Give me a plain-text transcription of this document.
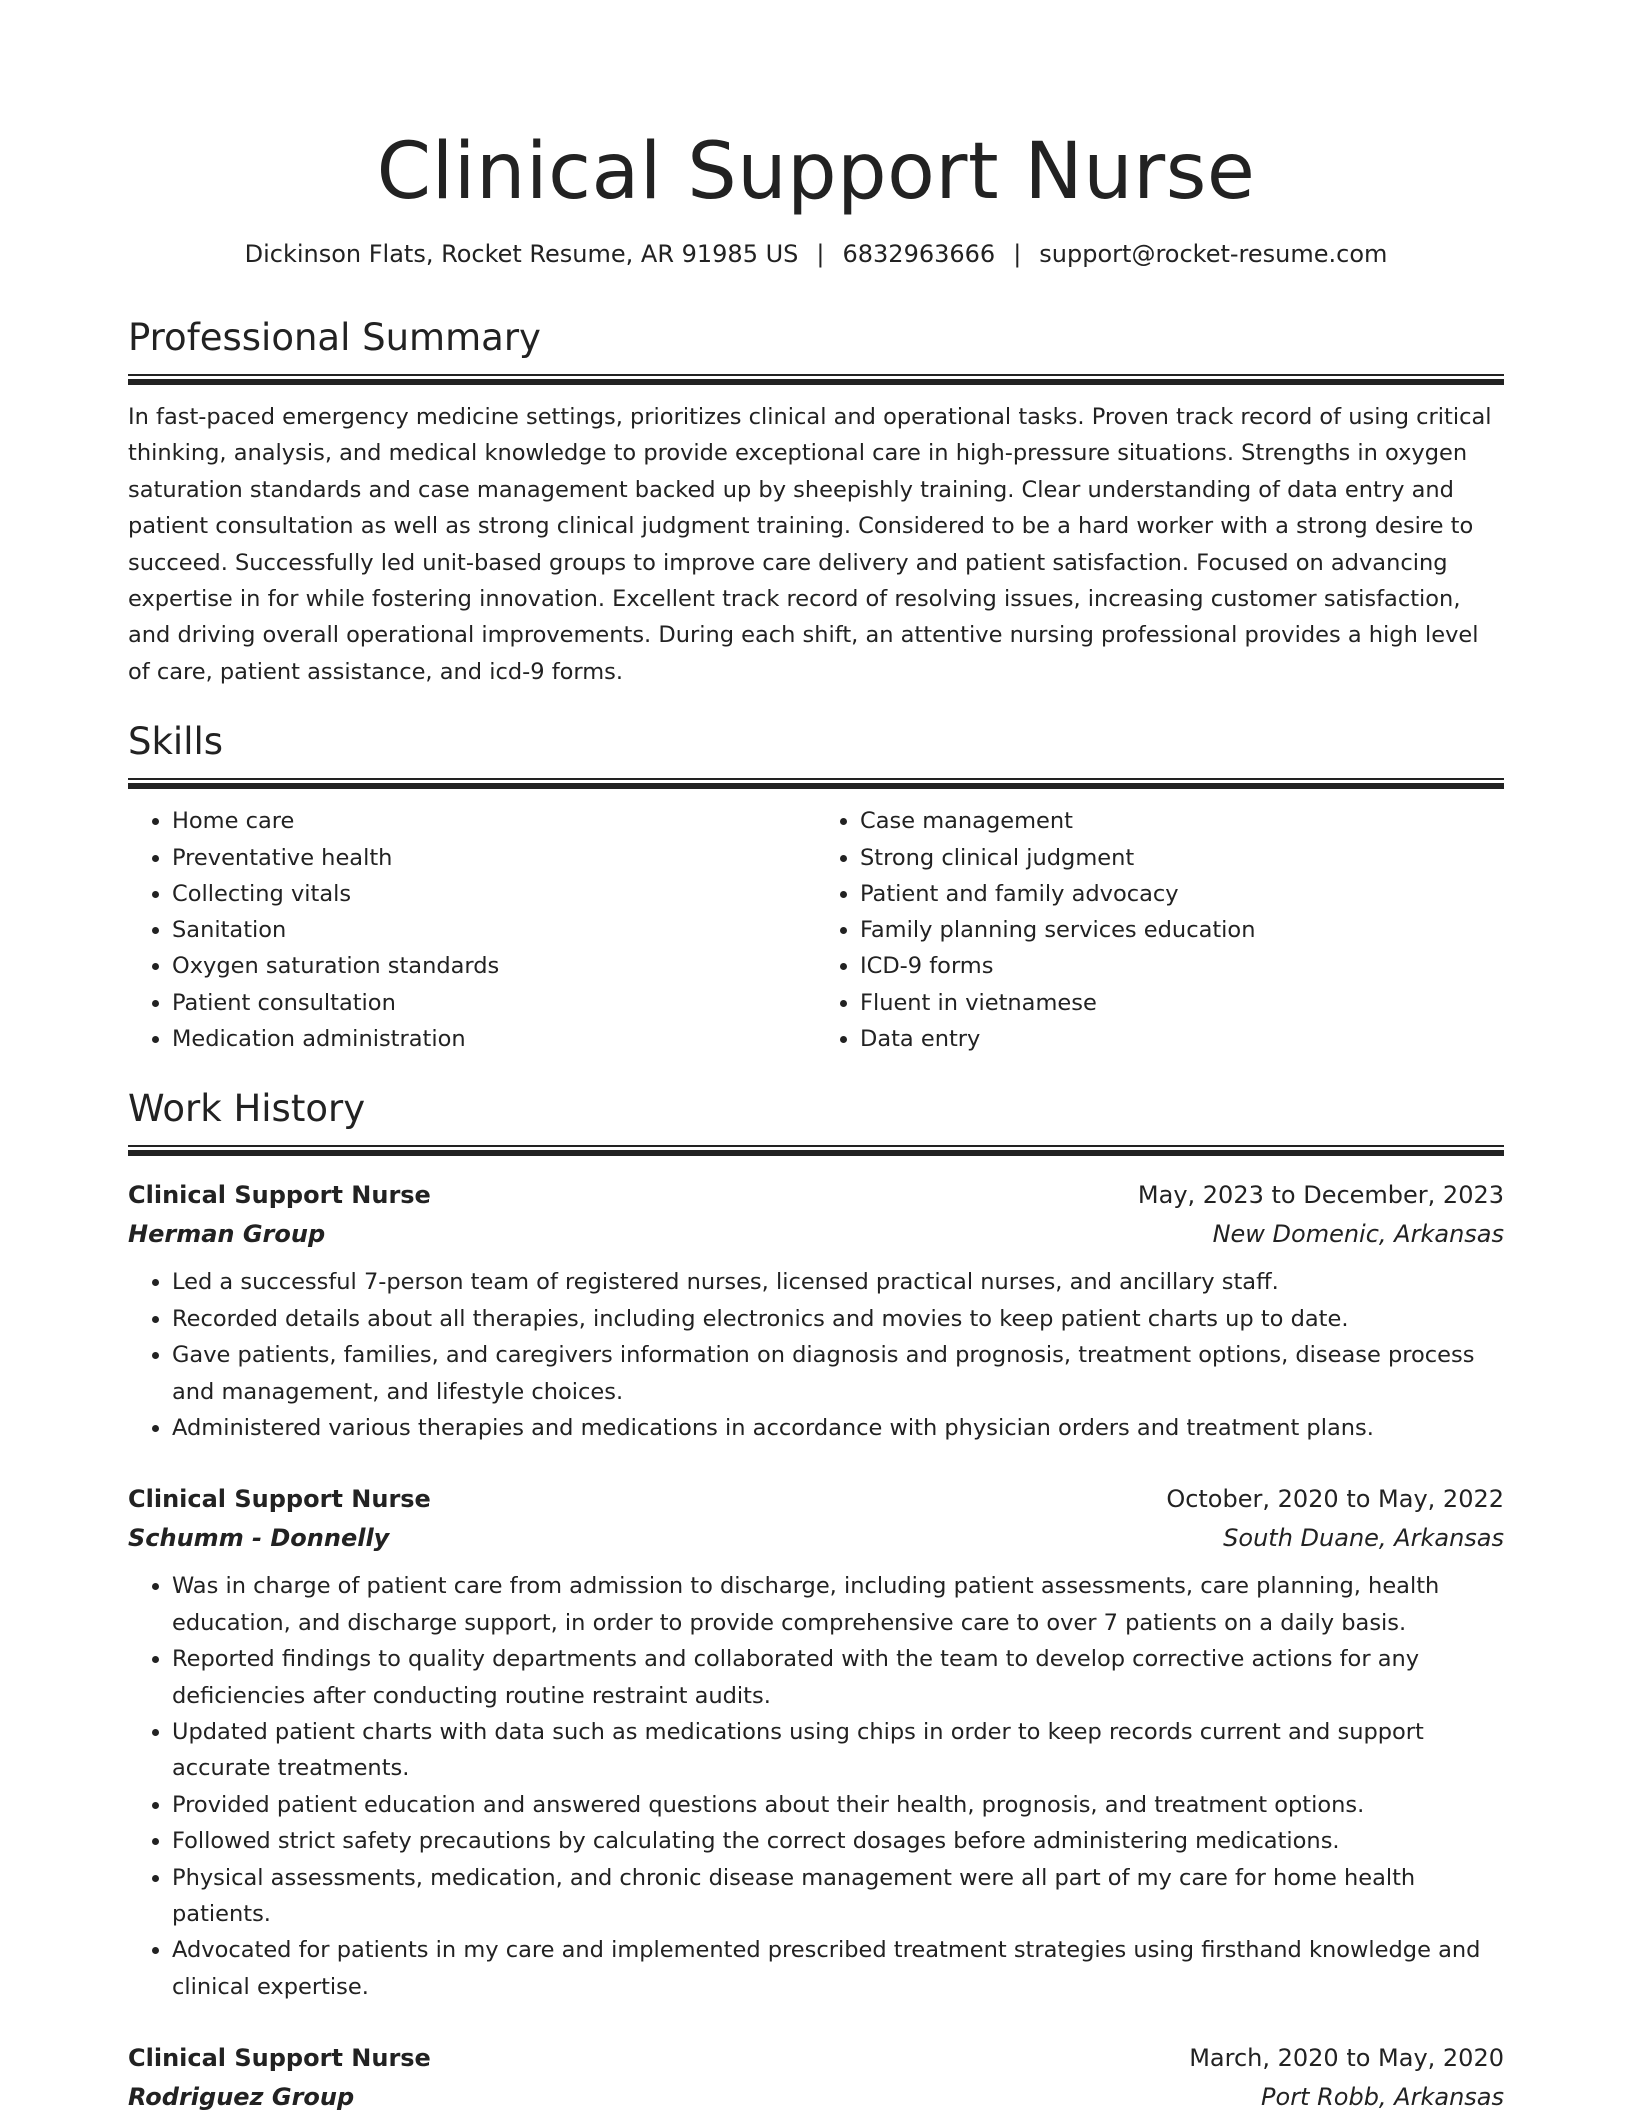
Clinical Support Nurse
Dickinson Flats, Rocket Resume, AR 91985 US | 6832963666 | support@rocket-resume.com
Professional Summary

In fast-paced emergency medicine settings, prioritizes clinical and operational tasks. Proven track record of using critical thinking, analysis, and medical knowledge to provide exceptional care in high-pressure situations. Strengths in oxygen saturation standards and case management backed up by sheepishly training. Clear understanding of data entry and patient consultation as well as strong clinical judgment training. Considered to be a hard worker with a strong desire to succeed. Successfully led unit-based groups to improve care delivery and patient satisfaction. Focused on advancing expertise in for while fostering innovation. Excellent track record of resolving issues, increasing customer satisfaction, and driving overall operational improvements. During each shift, an attentive nursing professional provides a high level of care, patient assistance, and icd-9 forms.

Skills
• Home care
• Preventative health
• Collecting vitals
• Sanitation
• Oxygen saturation standards
• Patient consultation
• Medication administration
• Case management
• Strong clinical judgment
• Patient and family advocacy
• Family planning services education
• ICD-9 forms
• Fluent in vietnamese
• Data entry
Work History
Clinical Support Nurse	May, 2023 to December, 2023
Herman Group	New Domenic, Arkansas
• Led a successful 7-person team of registered nurses, licensed practical nurses, and ancillary staff.
• Recorded details about all therapies, including electronics and movies to keep patient charts up to date.
• Gave patients, families, and caregivers information on diagnosis and prognosis, treatment options, disease process and management, and lifestyle choices.
• Administered various therapies and medications in accordance with physician orders and treatment plans.
Clinical Support Nurse	October, 2020 to May, 2022
Schumm - Donnelly	South Duane, Arkansas
• Was in charge of patient care from admission to discharge, including patient assessments, care planning, health education, and discharge support, in order to provide comprehensive care to over 7 patients on a daily basis.
• Reported findings to quality departments and collaborated with the team to develop corrective actions for any deficiencies after conducting routine restraint audits.
• Updated patient charts with data such as medications using chips in order to keep records current and support accurate treatments.
• Provided patient education and answered questions about their health, prognosis, and treatment options.
• Followed strict safety precautions by calculating the correct dosages before administering medications.
• Physical assessments, medication, and chronic disease management were all part of my care for home health patients.
• Advocated for patients in my care and implemented prescribed treatment strategies using firsthand knowledge and clinical expertise.
Clinical Support Nurse	March, 2020 to May, 2020
Rodriguez Group	Port Robb, Arkansas
